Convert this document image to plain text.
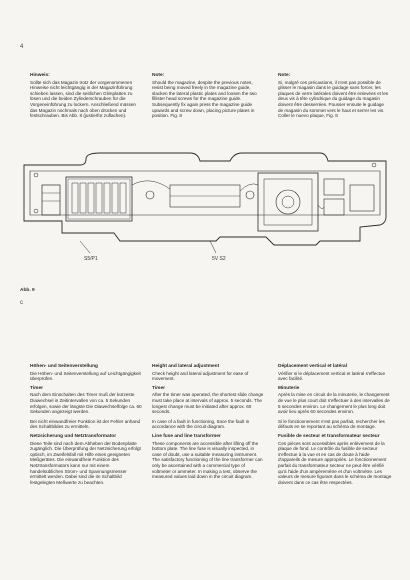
4
c
Hinweis:

Sollte sich das Magazin trotz der vorgenommenen Hinweise nicht leichtgängig in der Magazinführung schieben lassen, sind die seitlichen Glimplatten zu lösen und die beiden Zylinderschrauben für die Vorgeneinführung zu lockern. Anschließend müssen das Magazin nochmals nach oben drücken und festschrauben. Bis Abb. 8 (justierfür zuflachen).

Note:

Should the magazine, despite the previous notes, resist being moved freely in the magazine guide, slacken the lateral plastic plates and loosen the two fillister head screws for the magazine guide. Subsequently fix again press the magazine guide upwards and screw down, placing picture plates in position. Fig. 8

Note:

Si, malgré ces précautions, il n'est pas possible de glisser le magasin dans le guidage sans forcer, les plaques de verre latérales doivent être enlevées et les deux vis à tête cylindrique du guidage du magasin doivent être desserrées. Pousser ensuite le guidage de magasin du sommet vers le haut et serrer les vis. Coller le nuevo plaque, Fig. 8

S5/P1	5V S2
Abb. 9
Höhen- und Seitenverstellung

Die Höhen- und Seitenverstellung auf Leichtgängigkeit überprüfen.

Timer

Nach dem Einschalten des Timer muß der kürzeste Diawechsel in Zeitintervallen von ca. 5 Sekunden erfolgen, sowie der längste Die Diawechselfolge ca. 60 Sekunden angezeigt werden.

Bei nicht einwandfreier Funktion ist der Fehler anhand des Schaltbildes zu ermitteln.

Netzsicherung und Netztransformator

Diese Teile sind nach dem Abheben der Bodenplatte zugänglich. Die Überprüfung der Netzsicherung erfolgt optisch, im Zweifelsfall mit Hilfe eines geeigneten Meßgerätes. Die einwandfreie Funktion des Netztransformators kann nur mit einem handelsüblichen Strom- und Spannungsmesser ermittelt werden. Dabei sind die im Schaltbild festgelegten Meßwerte zu beachten.

Height and lateral adjustment

Check height and lateral adjustment for ease of movement.

Timer

After the timer was operated, the shortest slide change must take place at intervals of approx. 5 seconds. The longest change must be initiated after approx. 60 seconds.

In case of a fault in functioning, trace the fault in accordance with the circuit diagram.

Line fuse and line transformer

These components are accessible after lifting off the bottom plate. The line fuse is visually inspected, in case of doubt, use a suitable measuring instrument. The satisfactory functioning of the line transformer can only be ascertained with a commercial type of voltmeter or ammeter. In making a test, observe the measured values laid down in the circuit diagram.

Déplacement vertical et latéral

Vérifier si le déplacement vertical et latéral s'effectue avec facilité.

Minuterie

Après la mise en circuit de la minuterie, le changement de vue le plus court doit s'effectuer à des intervalles de 5 secondes environ. Le changement le plus long doit avoir lieu après 60 secondes environ.

Si le fonctionnement n'est pas parfait, rechercher les défauts en se reportant au schéma de montage.

Fusible de secteur et transformateur secteur

Ces pièces sont accessibles après enlèvement de la plaque de fond. Le contrôle du fusible de secteur s'effectue à la vue et en cas de doute à l'aide d'appareils de mesure appropriés. Le fonctionnement parfait du transformateur secteur ne peut être vérifié qu'à l'aide d'un ampèremètre et d'un voltmètre. Les valeurs de mesure figurant dans le schéma de montage doivent dans ce cas être respectées.
